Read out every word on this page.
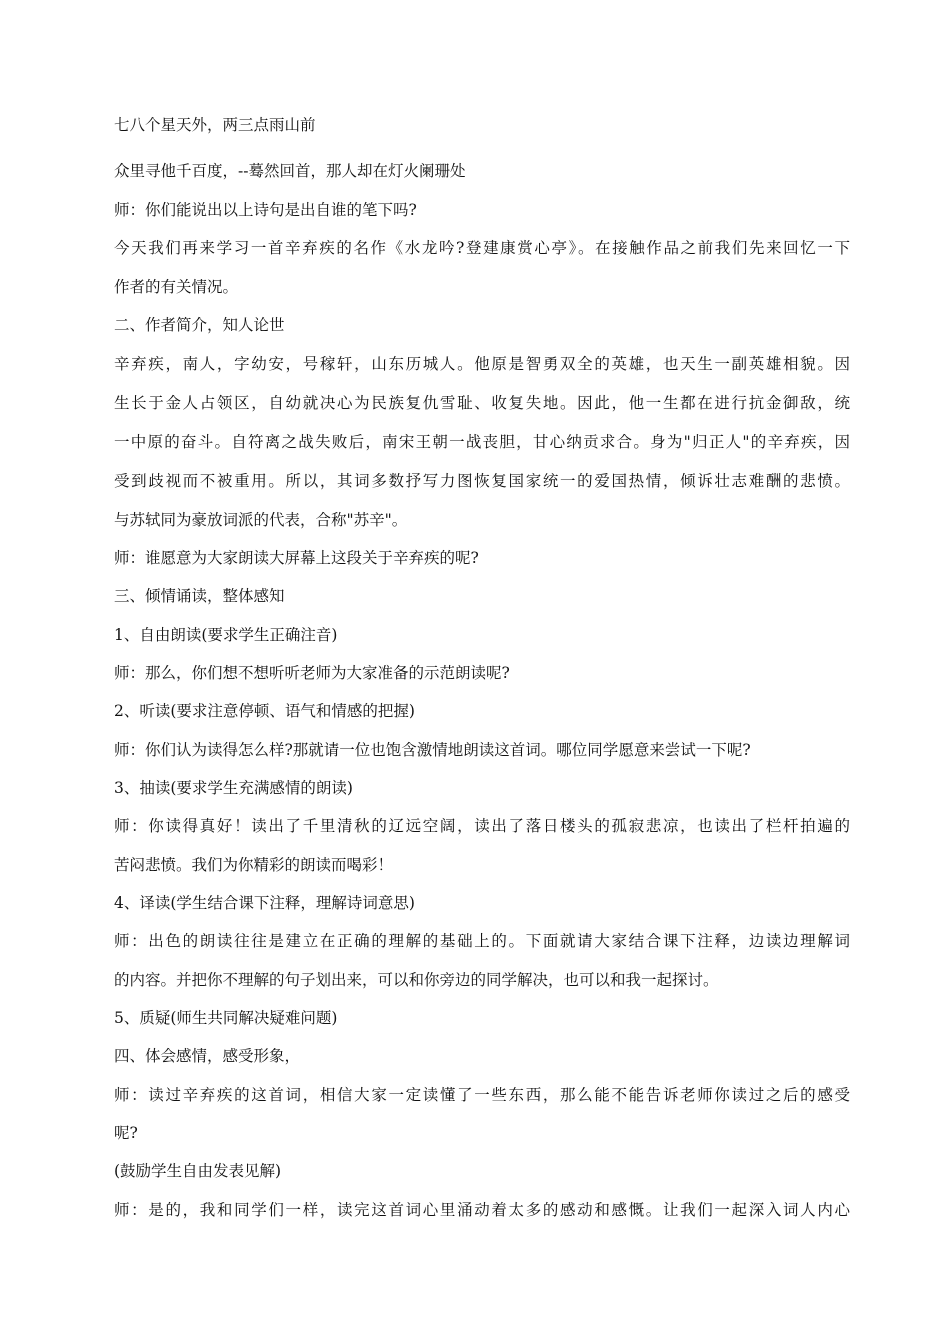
七八个星天外，两三点雨山前
众里寻他千百度，--蓦然回首，那人却在灯火阑珊处
师：你们能说出以上诗句是出自谁的笔下吗?
今天我们再来学习一首辛弃疾的名作《水龙吟?登建康赏心亭》。在接触作品之前我们先来回忆一下
作者的有关情况。
二、作者简介，知人论世
辛弃疾，南人，字幼安，号稼轩，山东历城人。他原是智勇双全的英雄，也天生一副英雄相貌。因
生长于金人占领区，自幼就决心为民族复仇雪耻、收复失地。因此，他一生都在进行抗金御敌，统
一中原的奋斗。自符离之战失败后，南宋王朝一战丧胆，甘心纳贡求合。身为"归正人"的辛弃疾，因
受到歧视而不被重用。所以，其词多数抒写力图恢复国家统一的爱国热情，倾诉壮志难酬的悲愤。
与苏轼同为豪放词派的代表，合称"苏辛"。
师：谁愿意为大家朗读大屏幕上这段关于辛弃疾的呢?
三、倾情诵读，整体感知
1、自由朗读(要求学生正确注音)
师：那么，你们想不想听听老师为大家准备的示范朗读呢?
2、听读(要求注意停顿、语气和情感的把握)
师：你们认为读得怎么样?那就请一位也饱含激情地朗读这首词。哪位同学愿意来尝试一下呢?
3、抽读(要求学生充满感情的朗读)
师：你读得真好！读出了千里清秋的辽远空阔，读出了落日楼头的孤寂悲凉，也读出了栏杆拍遍的
苦闷悲愤。我们为你精彩的朗读而喝彩！
4、译读(学生结合课下注释，理解诗词意思)
师：出色的朗读往往是建立在正确的理解的基础上的。下面就请大家结合课下注释，边读边理解词
的内容。并把你不理解的句子划出来，可以和你旁边的同学解决，也可以和我一起探讨。
5、质疑(师生共同解决疑难问题)
四、体会感情，感受形象，
师：读过辛弃疾的这首词，相信大家一定读懂了一些东西，那么能不能告诉老师你读过之后的感受
呢?
(鼓励学生自由发表见解)
师：是的，我和同学们一样，读完这首词心里涌动着太多的感动和感慨。让我们一起深入词人内心
